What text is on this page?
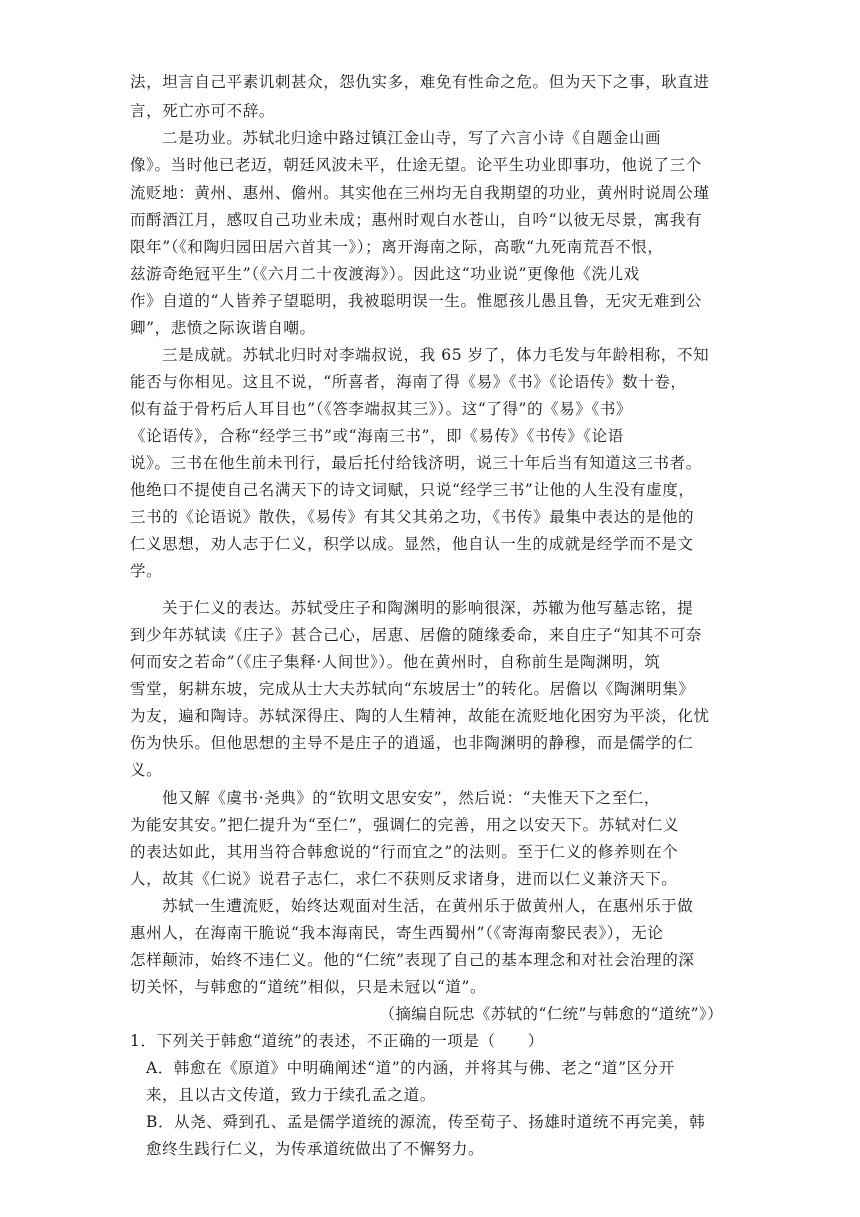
法，坦言自己平素讥刺甚众，怨仇实多，难免有性命之危。但为天下之事，耿直进
言，死亡亦可不辞。
二是功业。苏轼北归途中路过镇江金山寺，写了六言小诗《自题金山画
像》。当时他已老迈，朝廷风波未平，仕途无望。论平生功业即事功，他说了三个
流贬地：黄州、惠州、儋州。其实他在三州均无自我期望的功业，黄州时说周公瑾
而酹酒江月，感叹自己功业未成；惠州时观白水苍山，自吟“以彼无尽景，寓我有
限年”（《和陶归园田居六首其一》）；离开海南之际，高歌“九死南荒吾不恨，
兹游奇绝冠平生”（《六月二十夜渡海》）。因此这“功业说”更像他《洗儿戏
作》自道的“人皆养子望聪明，我被聪明误一生。惟愿孩儿愚且鲁，无灾无难到公
卿”，悲愤之际诙谐自嘲。
三是成就。苏轼北归时对李端叔说，我 65 岁了，体力毛发与年龄相称，不知
能否与你相见。这且不说，“所喜者，海南了得《易》《书》《论语传》数十卷，
似有益于骨朽后人耳目也”（《答李端叔其三》）。这“了得”的《易》《书》
《论语传》，合称“经学三书”或“海南三书”，即《易传》《书传》《论语
说》。三书在他生前未刊行，最后托付给钱济明，说三十年后当有知道这三书者。
他绝口不提使自己名满天下的诗文词赋，只说“经学三书”让他的人生没有虚度，
三书的《论语说》散佚，《易传》有其父其弟之功，《书传》最集中表达的是他的
仁义思想，劝人志于仁义，积学以成。显然，他自认一生的成就是经学而不是文
学。
关于仁义的表达。苏轼受庄子和陶渊明的影响很深，苏辙为他写墓志铭，提
到少年苏轼读《庄子》甚合己心，居恵、居儋的随缘委命，来自庄子“知其不可奈
何而安之若命”（《庄子集释·人间世》）。他在黄州时，自称前生是陶渊明，筑
雪堂，躬耕东坡，完成从士大夫苏轼向“东坡居士”的转化。居儋以《陶渊明集》
为友，遍和陶诗。苏轼深得庄、陶的人生精神，故能在流贬地化困穷为平淡，化忧
伤为快乐。但他思想的主导不是庄子的逍遥，也非陶渊明的静穆，而是儒学的仁
义。
他又解《虞书·尧典》的“钦明文思安安”，然后说：“夫惟天下之至仁，
为能安其安。”把仁提升为“至仁”，强调仁的完善，用之以安天下。苏轼对仁义
的表达如此，其用当符合韩愈说的“行而宜之”的法则。至于仁义的修养则在个
人，故其《仁说》说君子志仁，求仁不获则反求诸身，进而以仁义兼济天下。
苏轼一生遭流贬，始终达观面对生活，在黄州乐于做黄州人，在惠州乐于做
惠州人，在海南干脆说“我本海南民，寄生西蜀州”（《寄海南黎民表》），无论
怎样颠沛，始终不违仁义。他的“仁统”表现了自己的基本理念和对社会治理的深
切关怀，与韩愈的“道统”相似，只是未冠以“道”。
（摘编自阮忠《苏轼的“仁统”与韩愈的“道统”》）
1．下列关于韩愈“道统”的表述，不正确的一项是（　　）
A．韩愈在《原道》中明确阐述“道”的内涵，并将其与佛、老之“道”区分开
来，且以古文传道，致力于续孔孟之道。
B．从尧、舜到孔、孟是儒学道统的源流，传至荀子、扬雄时道统不再完美，韩
愈终生践行仁义，为传承道统做出了不懈努力。
